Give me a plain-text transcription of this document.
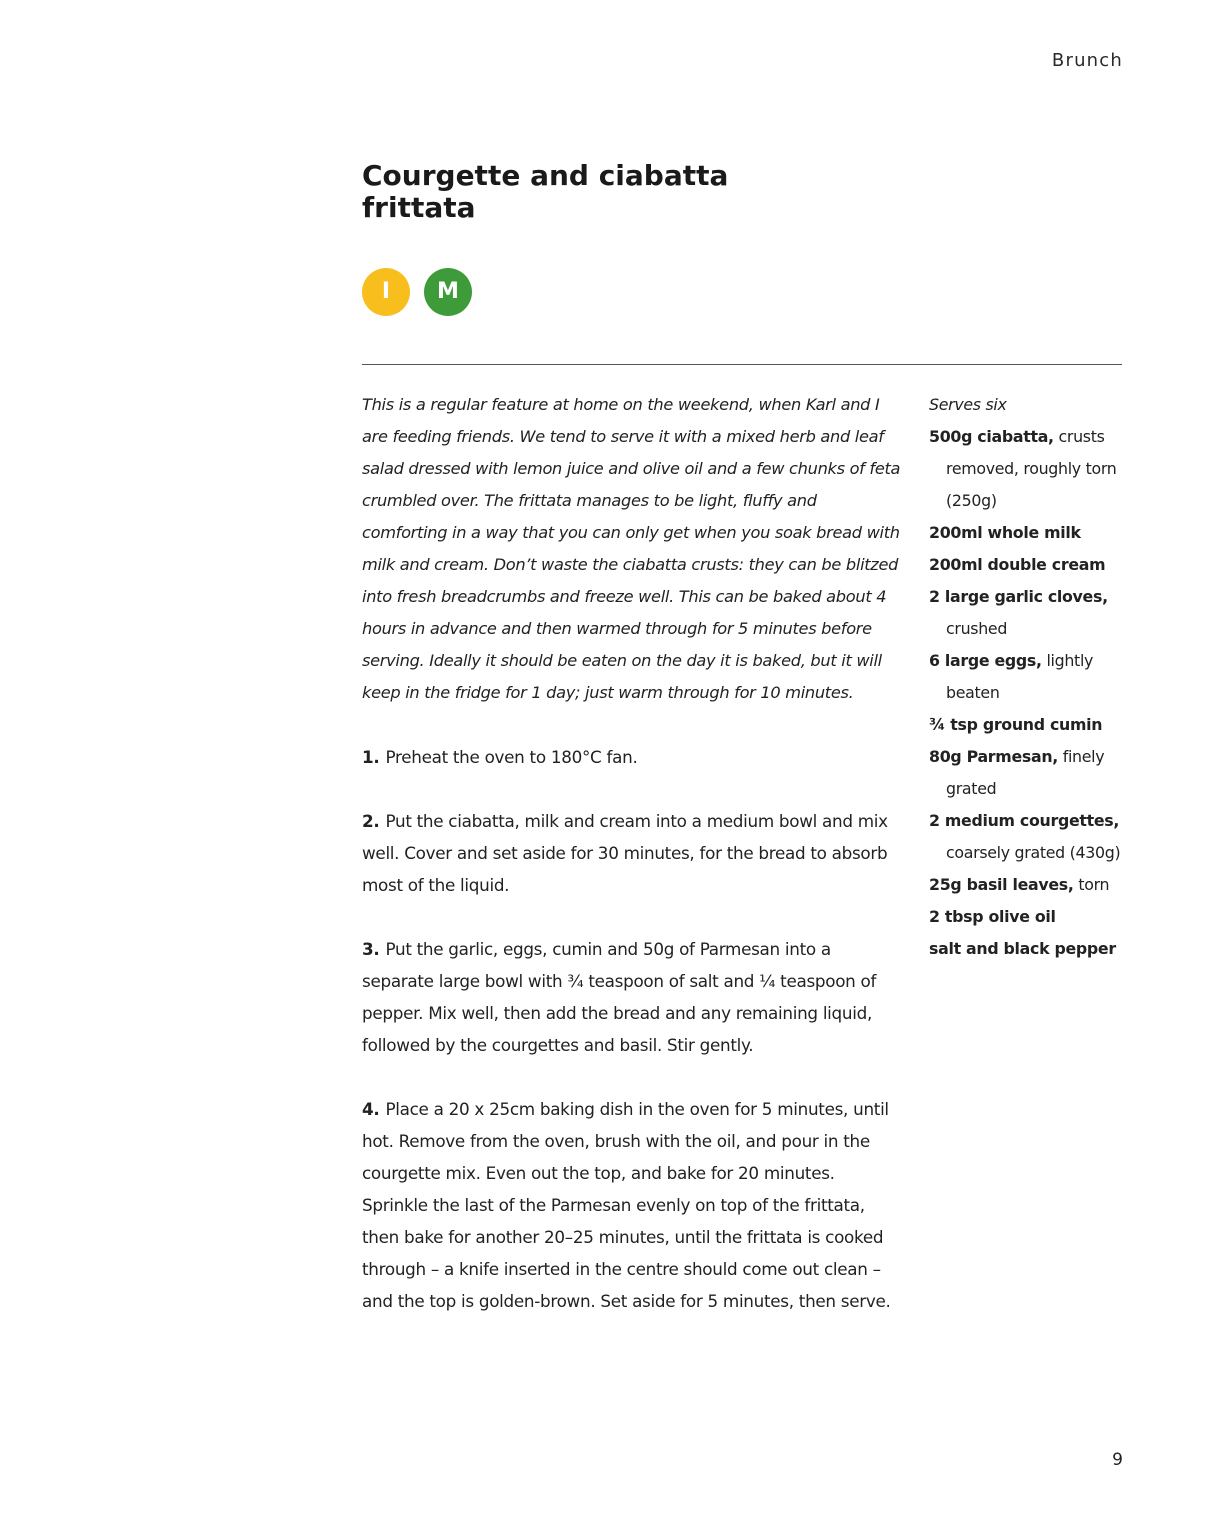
Brunch
Courgette and ciabatta frittata
I M

This is a regular feature at home on the weekend, when Karl and I are feeding friends. We tend to serve it with a mixed herb and leaf salad dressed with lemon juice and olive oil and a few chunks of feta crumbled over. The frittata manages to be light, fluffy and comforting in a way that you can only get when you soak bread with milk and cream. Don’t waste the ciabatta crusts: they can be blitzed into fresh breadcrumbs and freeze well. This can be baked about 4 hours in advance and then warmed through for 5 minutes before serving. Ideally it should be eaten on the day it is baked, but it will keep in the fridge for 1 day; just warm through for 10 minutes.

1. Preheat the oven to 180°C fan.

2. Put the ciabatta, milk and cream into a medium bowl and mix well. Cover and set aside for 30 minutes, for the bread to absorb most of the liquid.

3. Put the garlic, eggs, cumin and 50g of Parmesan into a separate large bowl with ¾ teaspoon of salt and ¼ teaspoon of pepper. Mix well, then add the bread and any remaining liquid, followed by the courgettes and basil. Stir gently.

4. Place a 20 x 25cm baking dish in the oven for 5 minutes, until hot. Remove from the oven, brush with the oil, and pour in the courgette mix. Even out the top, and bake for 20 minutes. Sprinkle the last of the Parmesan evenly on top of the frittata, then bake for another 20–25 minutes, until the frittata is cooked through – a knife inserted in the centre should come out clean – and the top is golden-brown. Set aside for 5 minutes, then serve.

Serves six

500g ciabatta, crusts removed, roughly torn (250g)

200ml whole milk

200ml double cream

2 large garlic cloves, crushed

6 large eggs, lightly beaten

¾ tsp ground cumin

80g Parmesan, finely grated

2 medium courgettes, coarsely grated (430g)

25g basil leaves, torn

2 tbsp olive oil

salt and black pepper

9
